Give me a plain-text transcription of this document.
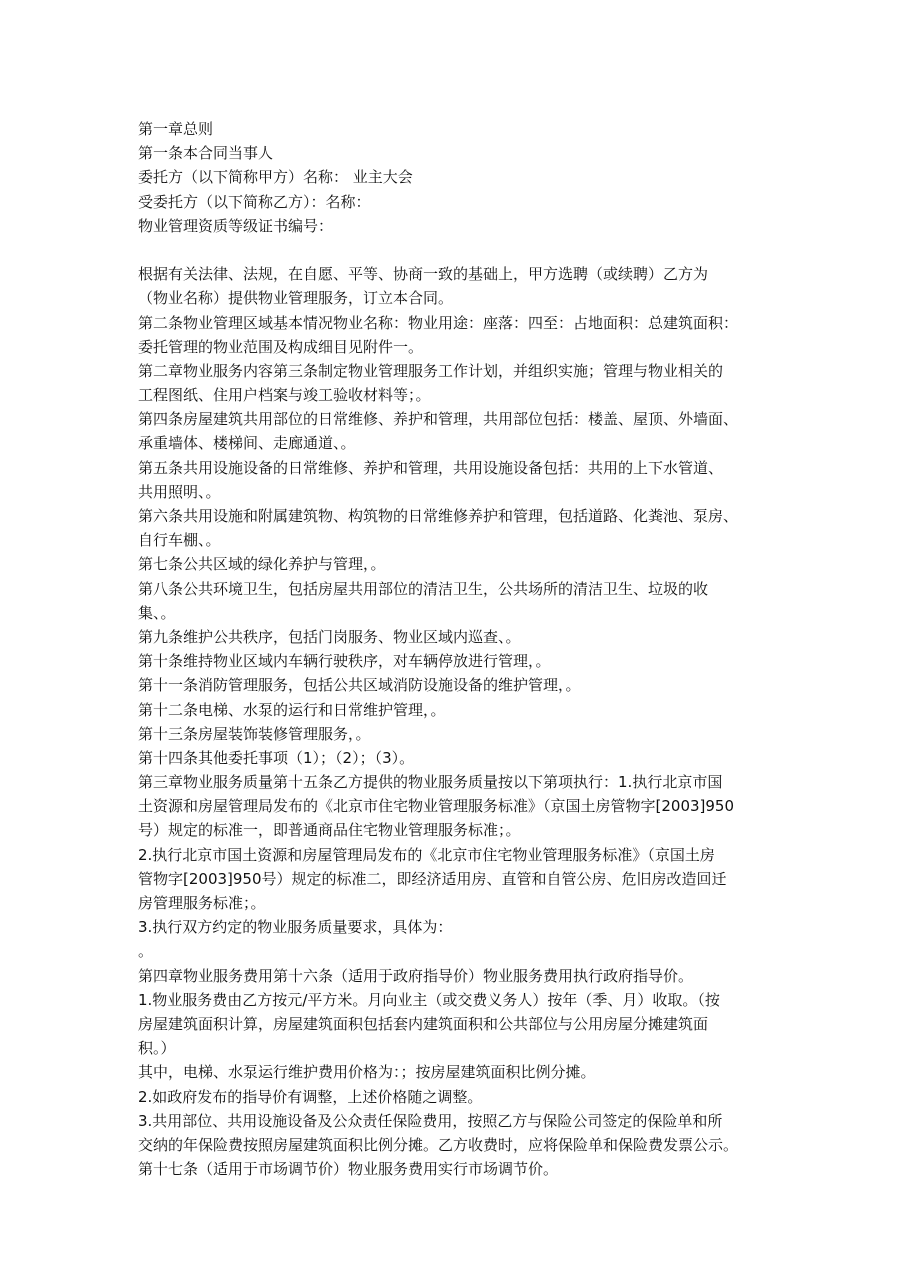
第一章总则
第一条本合同当事人
委托方（以下简称甲方）名称： 业主大会
受委托方（以下简称乙方）：名称：
物业管理资质等级证书编号：
根据有关法律、法规，在自愿、平等、协商一致的基础上，甲方选聘（或续聘）乙方为
（物业名称）提供物业管理服务，订立本合同。
第二条物业管理区域基本情况物业名称：物业用途：座落：四至：占地面积：总建筑面积：
委托管理的物业范围及构成细目见附件一。
第二章物业服务内容第三条制定物业管理服务工作计划，并组织实施；管理与物业相关的
工程图纸、住用户档案与竣工验收材料等；。
第四条房屋建筑共用部位的日常维修、养护和管理，共用部位包括：楼盖、屋顶、外墙面、
承重墙体、楼梯间、走廊通道、。
第五条共用设施设备的日常维修、养护和管理，共用设施设备包括：共用的上下水管道、
共用照明、。
第六条共用设施和附属建筑物、构筑物的日常维修养护和管理，包括道路、化粪池、泵房、
自行车棚、。
第七条公共区域的绿化养护与管理，。
第八条公共环境卫生，包括房屋共用部位的清洁卫生，公共场所的清洁卫生、垃圾的收
集、。
第九条维护公共秩序，包括门岗服务、物业区域内巡查、。
第十条维持物业区域内车辆行驶秩序，对车辆停放进行管理，。
第十一条消防管理服务，包括公共区域消防设施设备的维护管理，。
第十二条电梯、水泵的运行和日常维护管理，。
第十三条房屋装饰装修管理服务，。
第十四条其他委托事项（1）；（2）；（3）。
第三章物业服务质量第十五条乙方提供的物业服务质量按以下第项执行：1.执行北京市国
土资源和房屋管理局发布的《北京市住宅物业管理服务标准》（京国土房管物字[2003]950
号）规定的标准一，即普通商品住宅物业管理服务标准；。
2.执行北京市国土资源和房屋管理局发布的《北京市住宅物业管理服务标准》（京国土房
管物字[2003]950号）规定的标准二，即经济适用房、直管和自管公房、危旧房改造回迁
房管理服务标准；。
3.执行双方约定的物业服务质量要求，具体为：
。
第四章物业服务费用第十六条（适用于政府指导价）物业服务费用执行政府指导价。
1.物业服务费由乙方按元/平方米。月向业主（或交费义务人）按年（季、月）收取。（按
房屋建筑面积计算，房屋建筑面积包括套内建筑面积和公共部位与公用房屋分摊建筑面
积。）
其中，电梯、水泵运行维护费用价格为：；按房屋建筑面积比例分摊。
2.如政府发布的指导价有调整，上述价格随之调整。
3.共用部位、共用设施设备及公众责任保险费用，按照乙方与保险公司签定的保险单和所
交纳的年保险费按照房屋建筑面积比例分摊。乙方收费时，应将保险单和保险费发票公示。
第十七条（适用于市场调节价）物业服务费用实行市场调节价。
